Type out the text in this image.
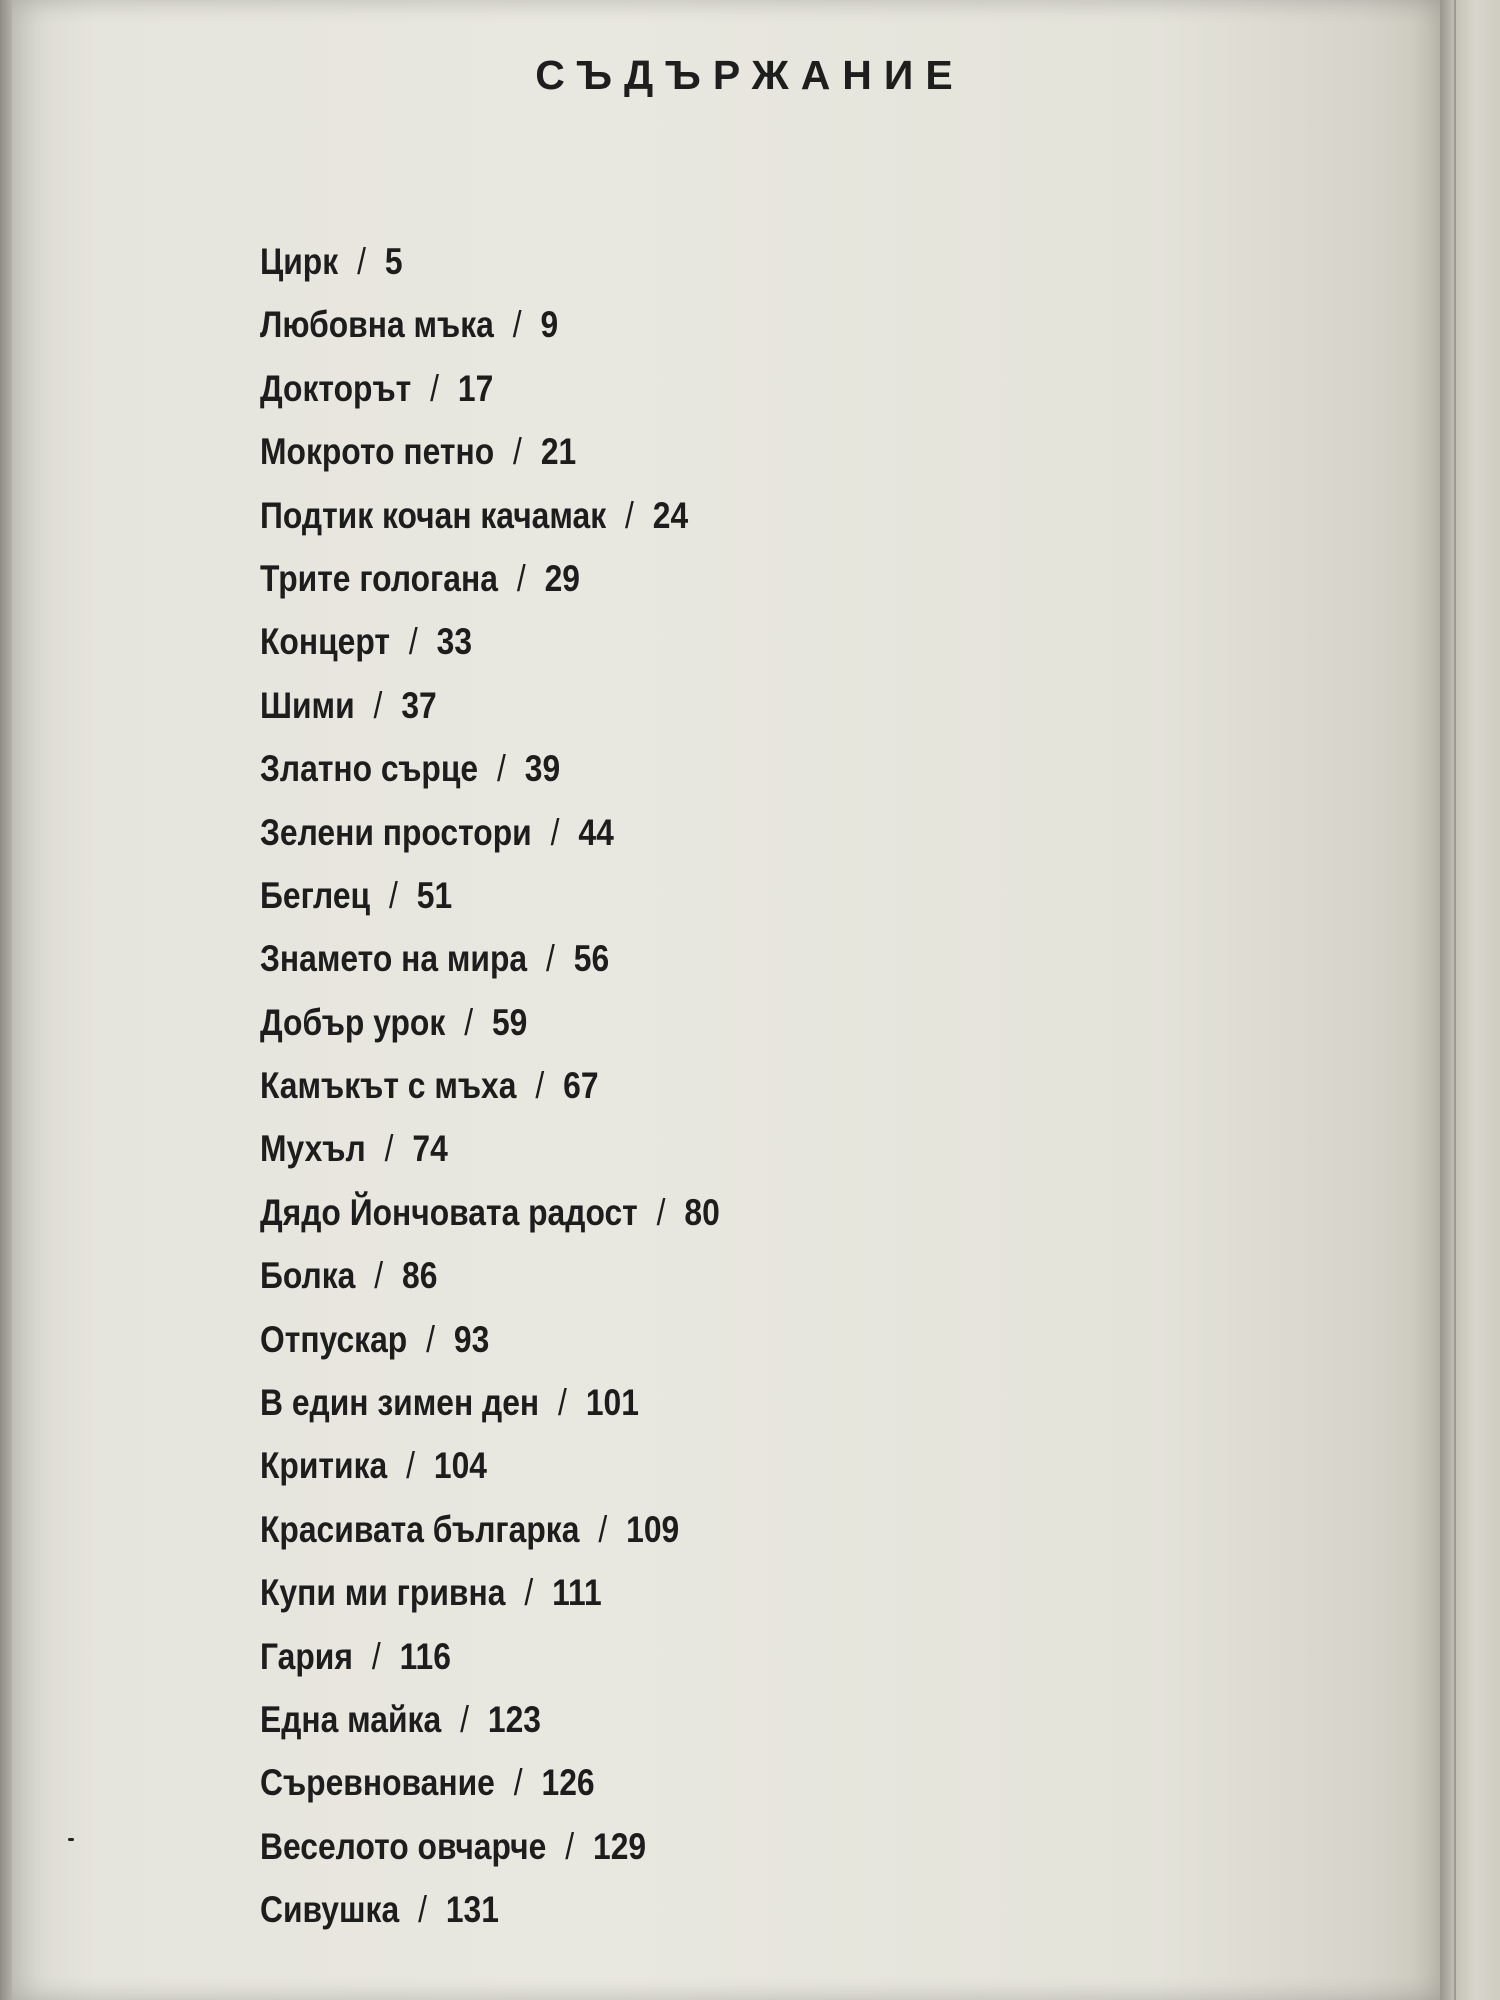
СЪДЪРЖАНИЕ
Цирк / 5
Любовна мъка / 9
Докторът / 17
Мокрото петно / 21
Подтик кочан качамак / 24
Трите гологана / 29
Концерт / 33
Шими / 37
Златно сърце / 39
Зелени простори / 44
Беглец / 51
Знамето на мира / 56
Добър урок / 59
Камъкът с мъха / 67
Мухъл / 74
Дядо Йончовата радост / 80
Болка / 86
Отпускар / 93
В един зимен ден / 101
Критика / 104
Красивата българка / 109
Купи ми гривна / 111
Гария / 116
Една майка / 123
Съревнование / 126
Веселото овчарче / 129
Сивушка / 131
